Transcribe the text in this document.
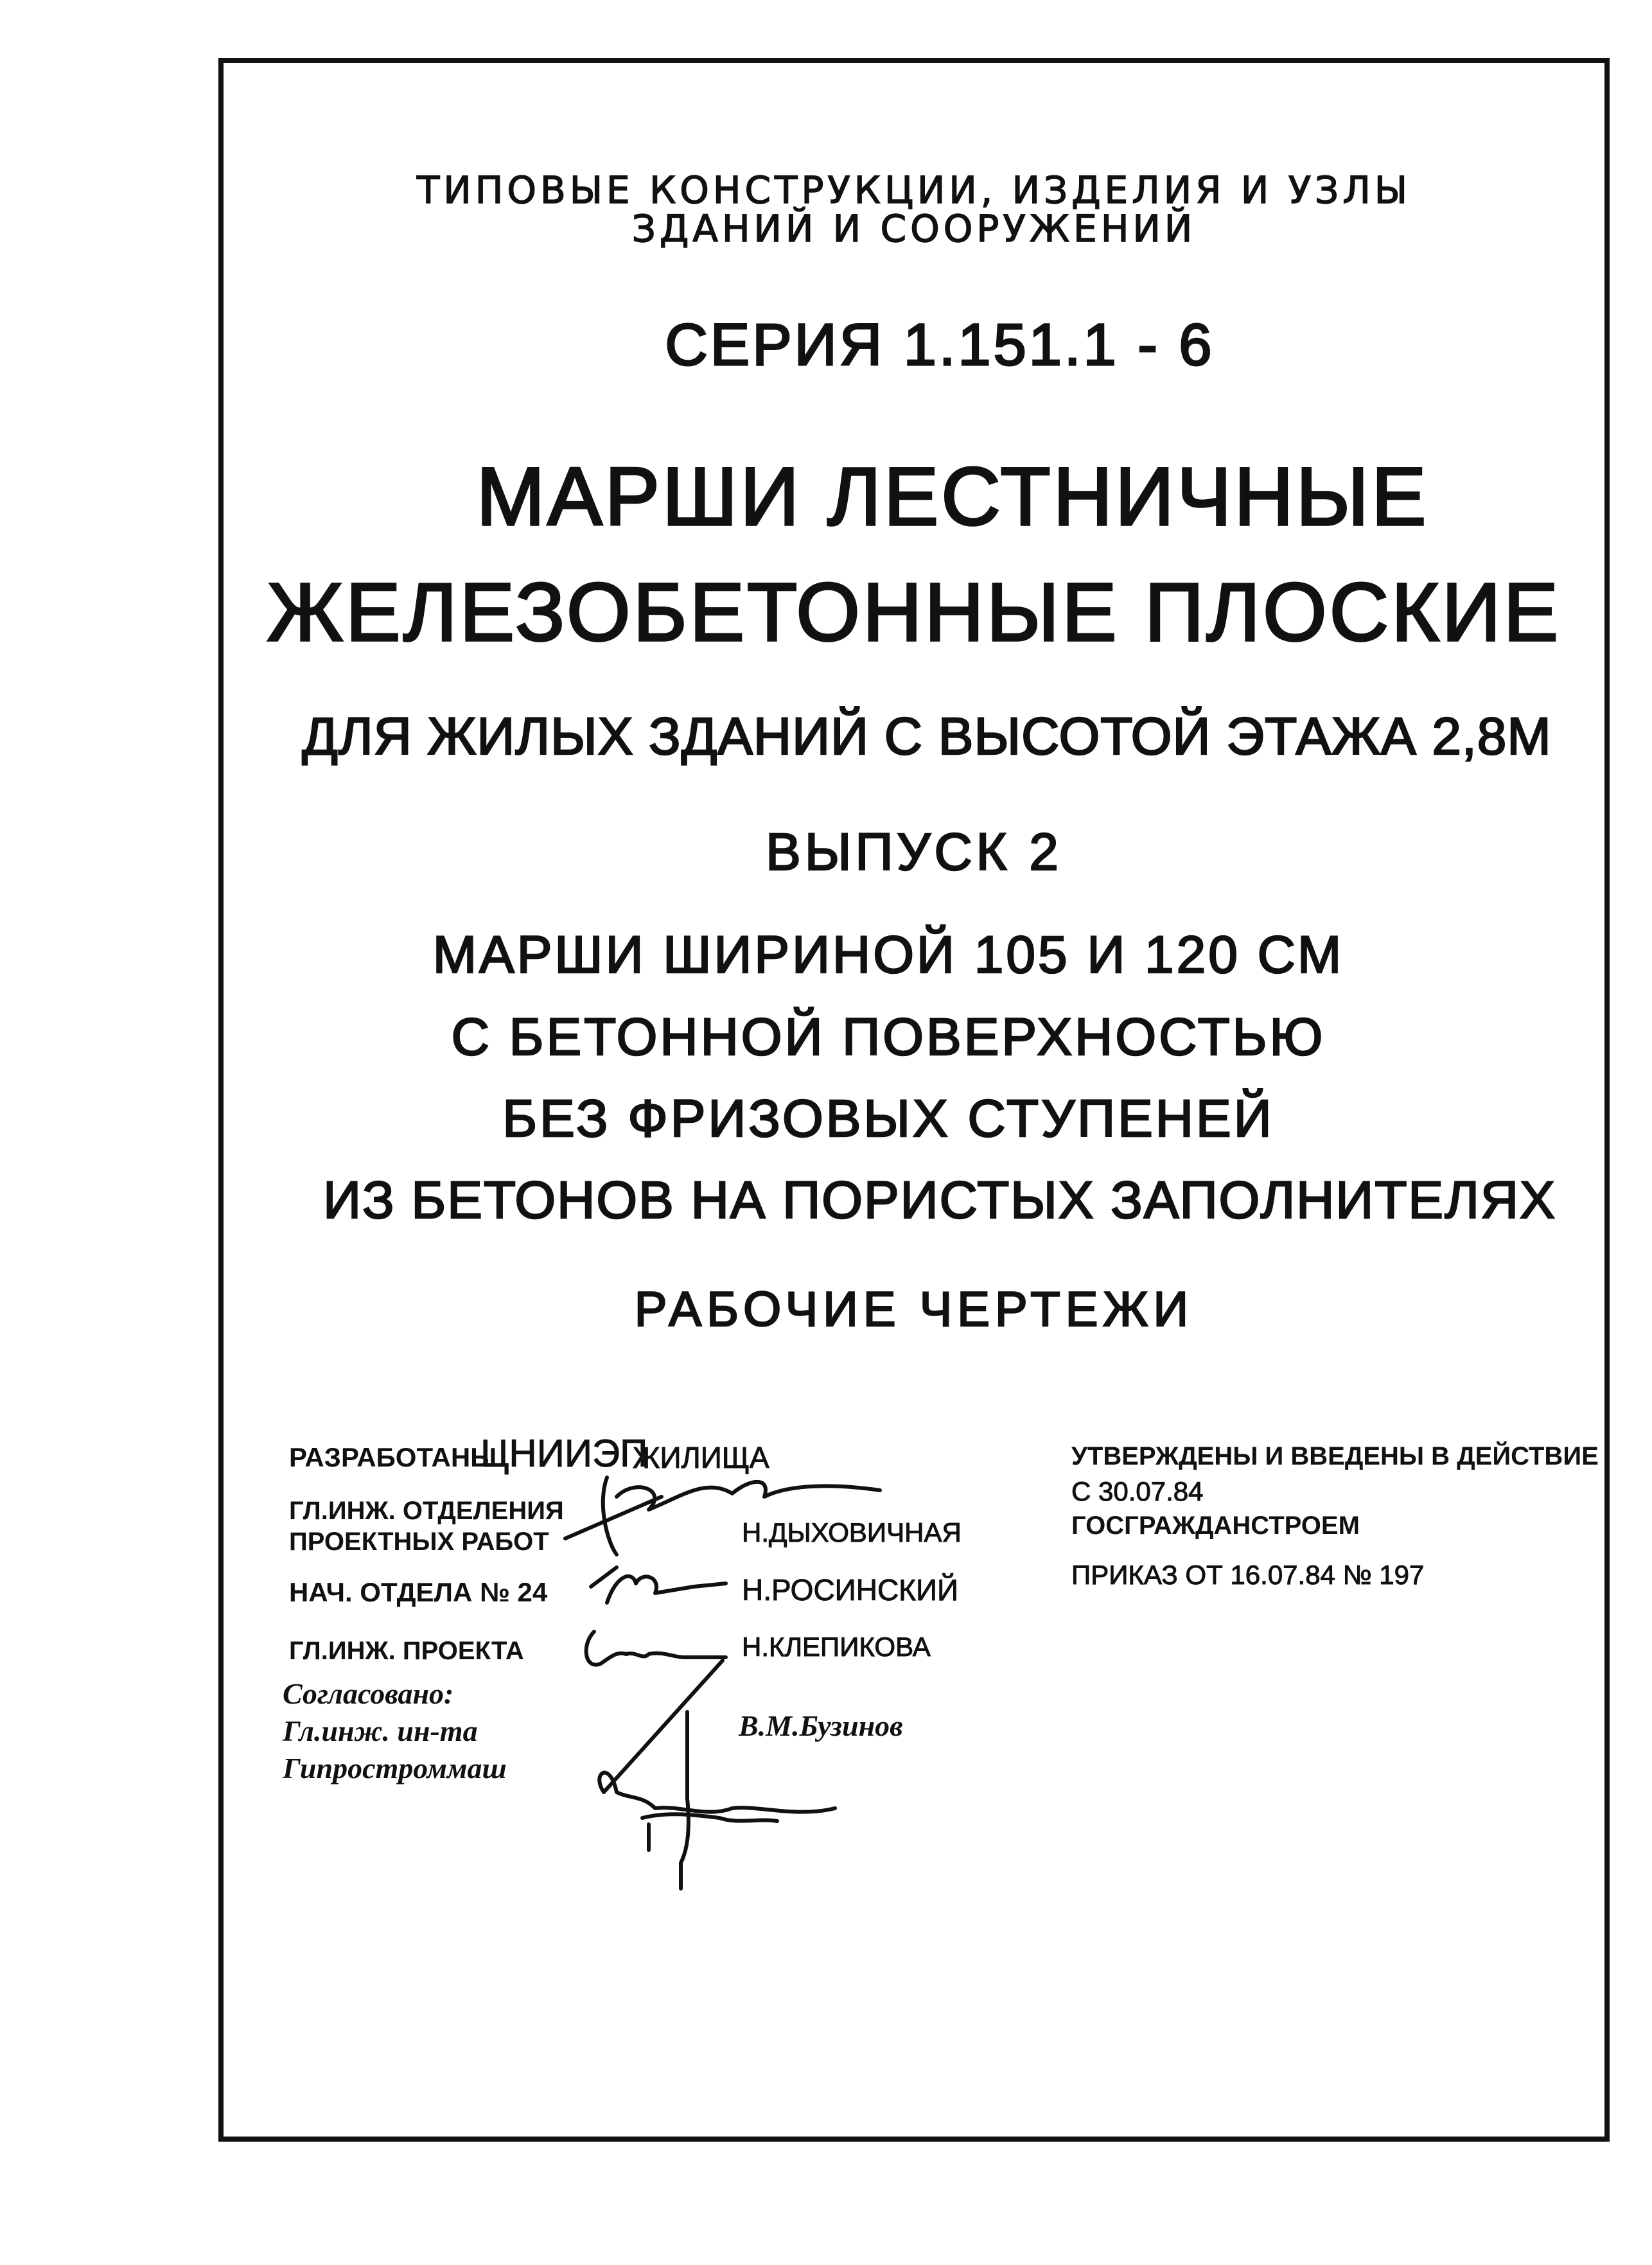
ТИПОВЫЕ КОНСТРУКЦИИ, ИЗДЕЛИЯ И УЗЛЫ
ЗДАНИЙ И СООРУЖЕНИЙ
СЕРИЯ 1.151.1 - 6
МАРШИ ЛЕСТНИЧНЫЕ
ЖЕЛЕЗОБЕТОННЫЕ ПЛОСКИЕ
ДЛЯ ЖИЛЫХ ЗДАНИЙ С ВЫСОТОЙ ЭТАЖА 2,8М
ВЫПУСК 2
МАРШИ ШИРИНОЙ 105 И 120 СМ
С БЕТОННОЙ ПОВЕРХНОСТЬЮ
БЕЗ ФРИЗОВЫХ СТУПЕНЕЙ
ИЗ БЕТОНОВ НА ПОРИСТЫХ ЗАПОЛНИТЕЛЯХ
РАБОЧИЕ ЧЕРТЕЖИ
РАЗРАБОТАНЫ
ЦНИИЭП
ЖИЛИЩА
ГЛ.ИНЖ. ОТДЕЛЕНИЯ
ПРОЕКТНЫХ РАБОТ	Н.ДЫХОВИЧНАЯ
НАЧ. ОТДЕЛА № 24	Н.РОСИНСКИЙ
ГЛ.ИНЖ. ПРОЕКТА	Н.КЛЕПИКОВА
Согласовано:
Гл.инж. ин-та
Гипростроммаш
В.М.Бузинов
УТВЕРЖДЕНЫ И ВВЕДЕНЫ В ДЕЙСТВИЕ
С 30.07.84
ГОСГРАЖДАНСТРОЕМ
ПРИКАЗ ОТ 16.07.84 № 197
